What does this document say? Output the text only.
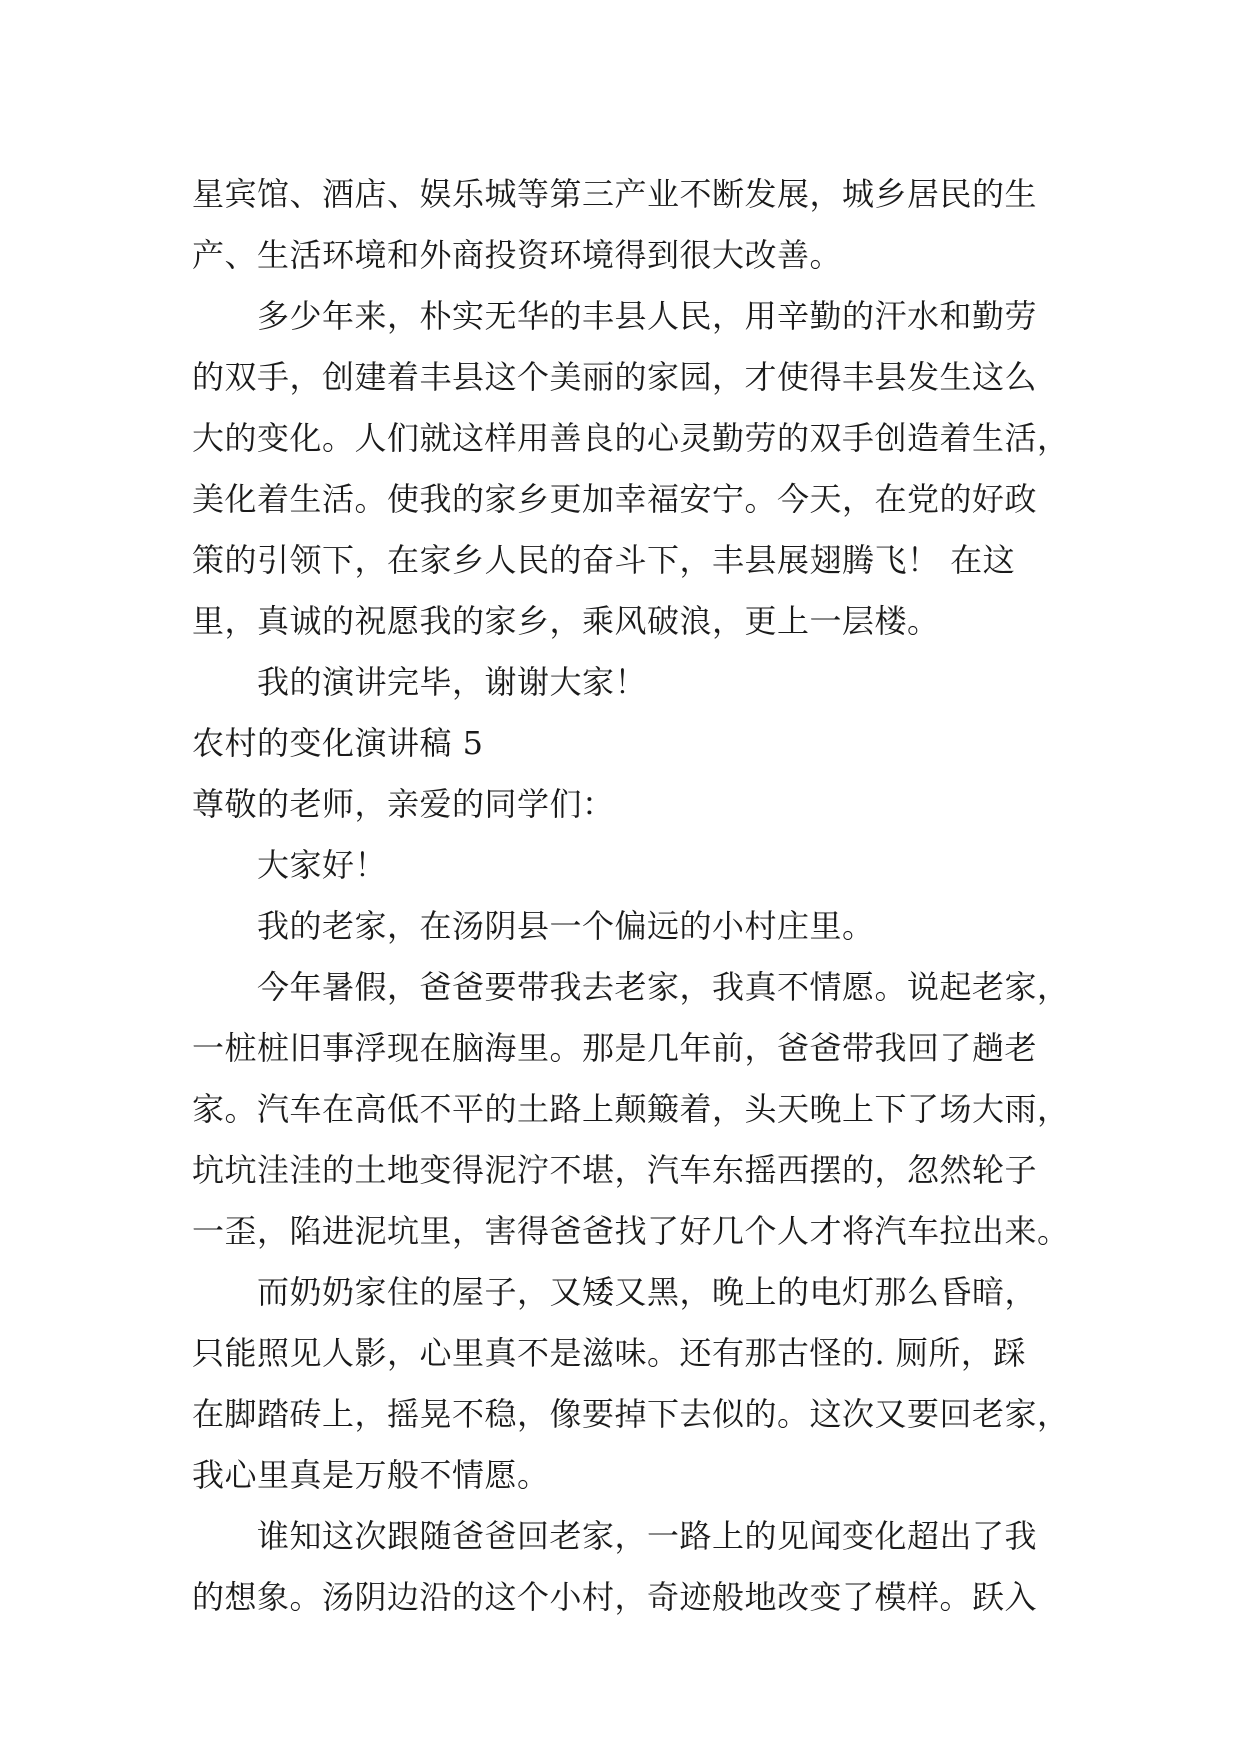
星宾馆、酒店、娱乐城等第三产业不断发展，城乡居民的生
产、生活环境和外商投资环境得到很大改善。
多少年来，朴实无华的丰县人民，用辛勤的汗水和勤劳
的双手，创建着丰县这个美丽的家园，才使得丰县发生这么
大的变化。人们就这样用善良的心灵勤劳的双手创造着生活，
美化着生活。使我的家乡更加幸福安宁。今天，在党的好政
策的引领下，在家乡人民的奋斗下，丰县展翅腾飞！ 在这
里，真诚的祝愿我的家乡，乘风破浪，更上一层楼。
我的演讲完毕，谢谢大家！
农村的变化演讲稿 5
尊敬的老师，亲爱的同学们：
大家好！
我的老家，在汤阴县一个偏远的小村庄里。
今年暑假，爸爸要带我去老家，我真不情愿。说起老家，
一桩桩旧事浮现在脑海里。那是几年前，爸爸带我回了趟老
家。汽车在高低不平的土路上颠簸着，头天晚上下了场大雨，
坑坑洼洼的土地变得泥泞不堪，汽车东摇西摆的，忽然轮子
一歪，陷进泥坑里，害得爸爸找了好几个人才将汽车拉出来。
而奶奶家住的屋子，又矮又黑，晚上的电灯那么昏暗，
只能照见人影，心里真不是滋味。还有那古怪的. 厕所，踩
在脚踏砖上，摇晃不稳，像要掉下去似的。这次又要回老家，
我心里真是万般不情愿。
谁知这次跟随爸爸回老家，一路上的见闻变化超出了我
的想象。汤阴边沿的这个小村，奇迹般地改变了模样。跃入
